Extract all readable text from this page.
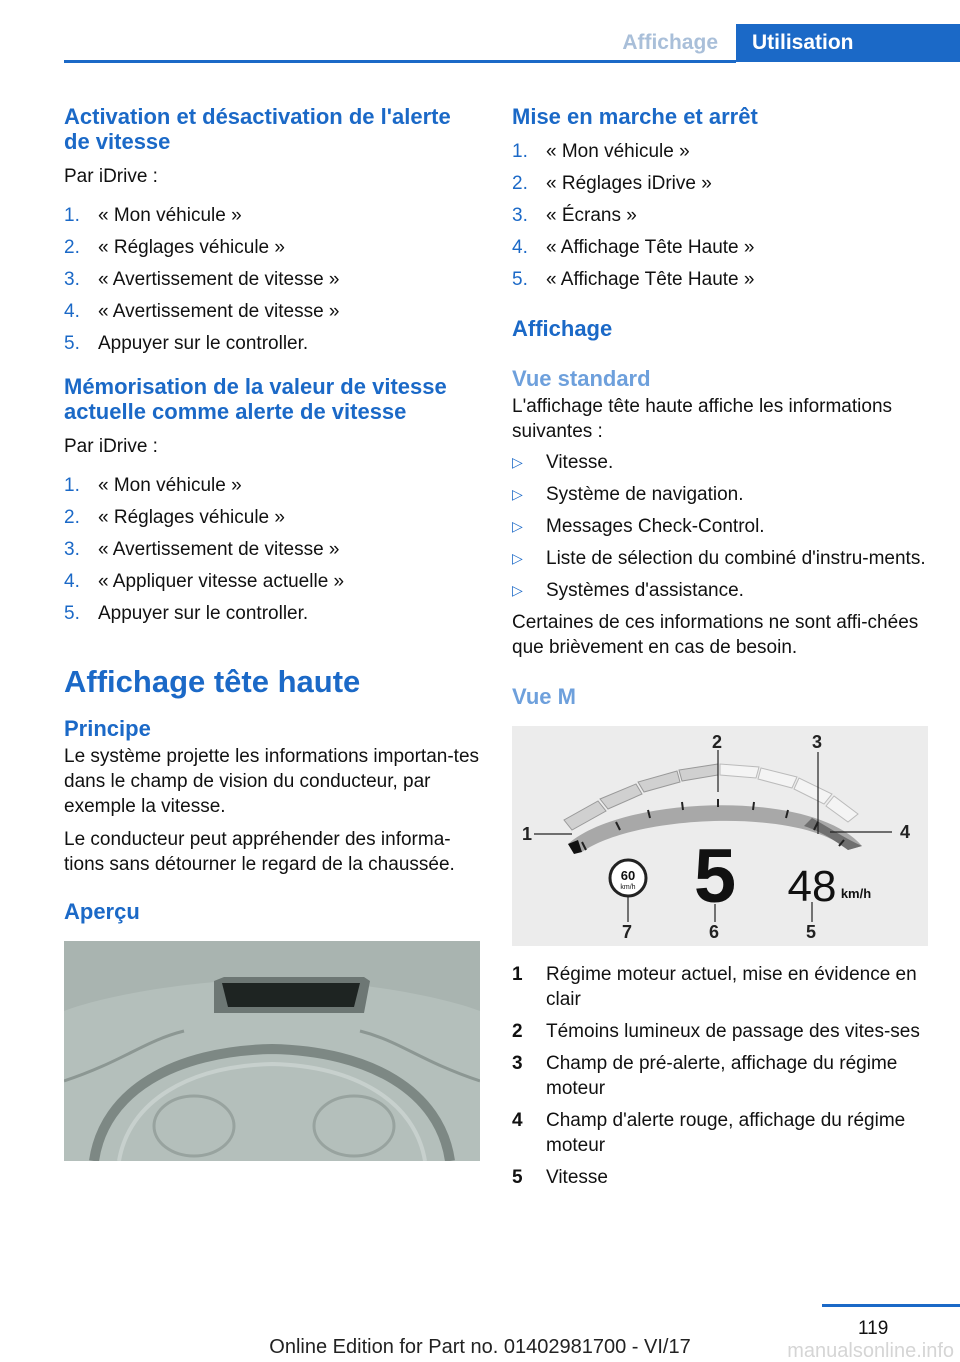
Affichage	Utilisation
Activation et désactivation de l'alerte de vitesse
Par iDrive :
1. « Mon véhicule »
2. « Réglages véhicule »
3. « Avertissement de vitesse »
4. « Avertissement de vitesse »
5. Appuyer sur le controller.
Mémorisation de la valeur de vitesse actuelle comme alerte de vitesse
Par iDrive :
1. « Mon véhicule »
2. « Réglages véhicule »
3. « Avertissement de vitesse »
4. « Appliquer vitesse actuelle »
5. Appuyer sur le controller.
Affichage tête haute
Principe
Le système projette les informations importan-tes dans le champ de vision du conducteur, par exemple la vitesse.
Le conducteur peut appréhender des informa-tions sans détourner le regard de la chaussée.
Aperçu
Mise en marche et arrêt
1. « Mon véhicule »
2. « Réglages iDrive »
3. « Écrans »
4. « Affichage Tête Haute »
5. « Affichage Tête Haute »
Affichage
Vue standard
L'affichage tête haute affiche les informations suivantes :
▷ Vitesse.
▷ Système de navigation.
▷ Messages Check-Control.
▷ Liste de sélection du combiné d'instru-ments.
▷ Systèmes d'assistance.
Certaines de ces informations ne sont affi-chées que brièvement en cas de besoin.
Vue M
1
2	3
4
5
6
7
60
km/h 5 48 km/h
1 Régime moteur actuel, mise en évidence en clair
2 Témoins lumineux de passage des vites-ses
3 Champ de pré-alerte, affichage du régime moteur
4 Champ d'alerte rouge, affichage du régime moteur
5 Vitesse
119
Online Edition for Part no. 01402981700 - VI/17	manualsonline.info
